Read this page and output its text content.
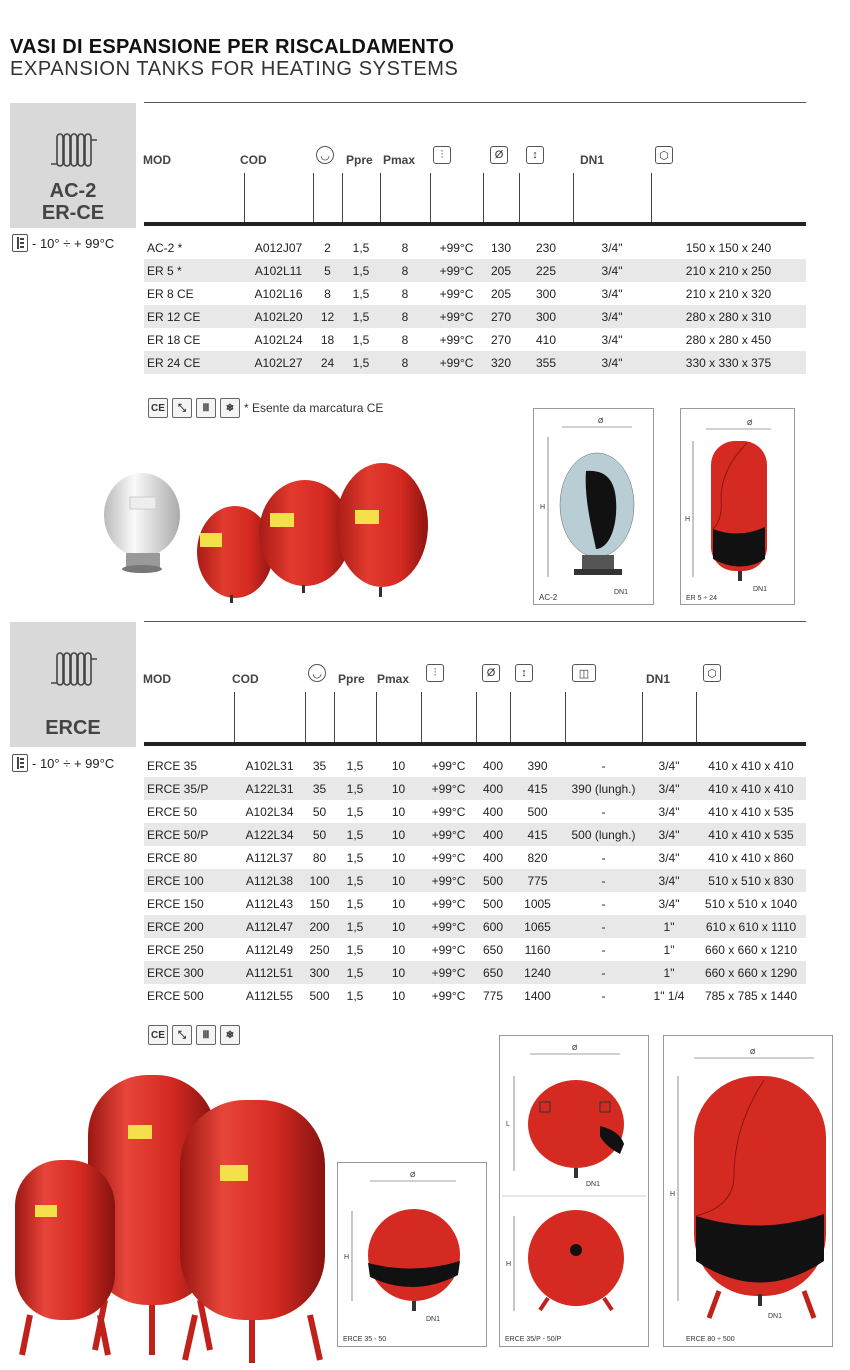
VASI DI ESPANSIONE PER RISCALDAMENTO
EXPANSION TANKS FOR HEATING SYSTEMS
AC-2
ER-CE
- 10° ÷ + 99°C
MOD	COD	◡	Ppre Pmax	⫶	Ø	↕	DN1	⬡
AC-2 *	A012J07	2	1,5	8	+99°C	130	230	3/4"	150 x 150 x 240
ER 5 *	A102L11	5	1,5	8	+99°C	205	225	3/4"	210 x 210 x 250
ER 8 CE	A102L16	8	1,5	8	+99°C	205	300	3/4"	210 x 210 x 320
ER 12 CE	A102L20	12	1,5	8	+99°C	270	300	3/4"	280 x 280 x 310
ER 18 CE	A102L24	18	1,5	8	+99°C	270	410	3/4"	280 x 280 x 450
ER 24 CE	A102L27	24	1,5	8	+99°C	320	355	3/4"	330 x 330 x 375
CE	⤡	Ⅲ	❄ * Esente da marcatura CE
Ø
H
DN1
AC-2
Ø
H
DN1
ER 5 ÷ 24
ERCE
- 10° ÷ + 99°C
MOD	COD	◡	Ppre Pmax	⫶	Ø	↕	◫	DN1	⬡
ERCE 35	A102L31	35	1,5	10	+99°C	400	390	-	3/4"	410 x 410 x 410
ERCE 35/P	A122L31	35	1,5	10	+99°C	400	415	390 (lungh.)	3/4"	410 x 410 x 410
ERCE 50	A102L34	50	1,5	10	+99°C	400	500	-	3/4"	410 x 410 x 535
ERCE 50/P	A122L34	50	1,5	10	+99°C	400	415	500 (lungh.)	3/4"	410 x 410 x 535
ERCE 80	A112L37	80	1,5	10	+99°C	400	820	-	3/4"	410 x 410 x 860
ERCE 100	A112L38	100	1,5	10	+99°C	500	775	-	3/4"	510 x 510 x 830
ERCE 150	A112L43	150	1,5	10	+99°C	500	1005	-	3/4"	510 x 510 x 1040
ERCE 200	A112L47	200	1,5	10	+99°C	600	1065	-	1"	610 x 610 x 1110
ERCE 250	A112L49	250	1,5	10	+99°C	650	1160	-	1"	660 x 660 x 1210
ERCE 300	A112L51	300	1,5	10	+99°C	650	1240	-	1"	660 x 660 x 1290
ERCE 500	A112L55	500	1,5	10	+99°C	775	1400	-	1" 1/4	785 x 785 x 1440
CE	⤡	Ⅲ	❄
Ø
H
DN1
ERCE 35 - 50
Ø
L
DN1
H
ERCE 35/P - 50/P
Ø
H
DN1
ERCE 80 ÷ 500
